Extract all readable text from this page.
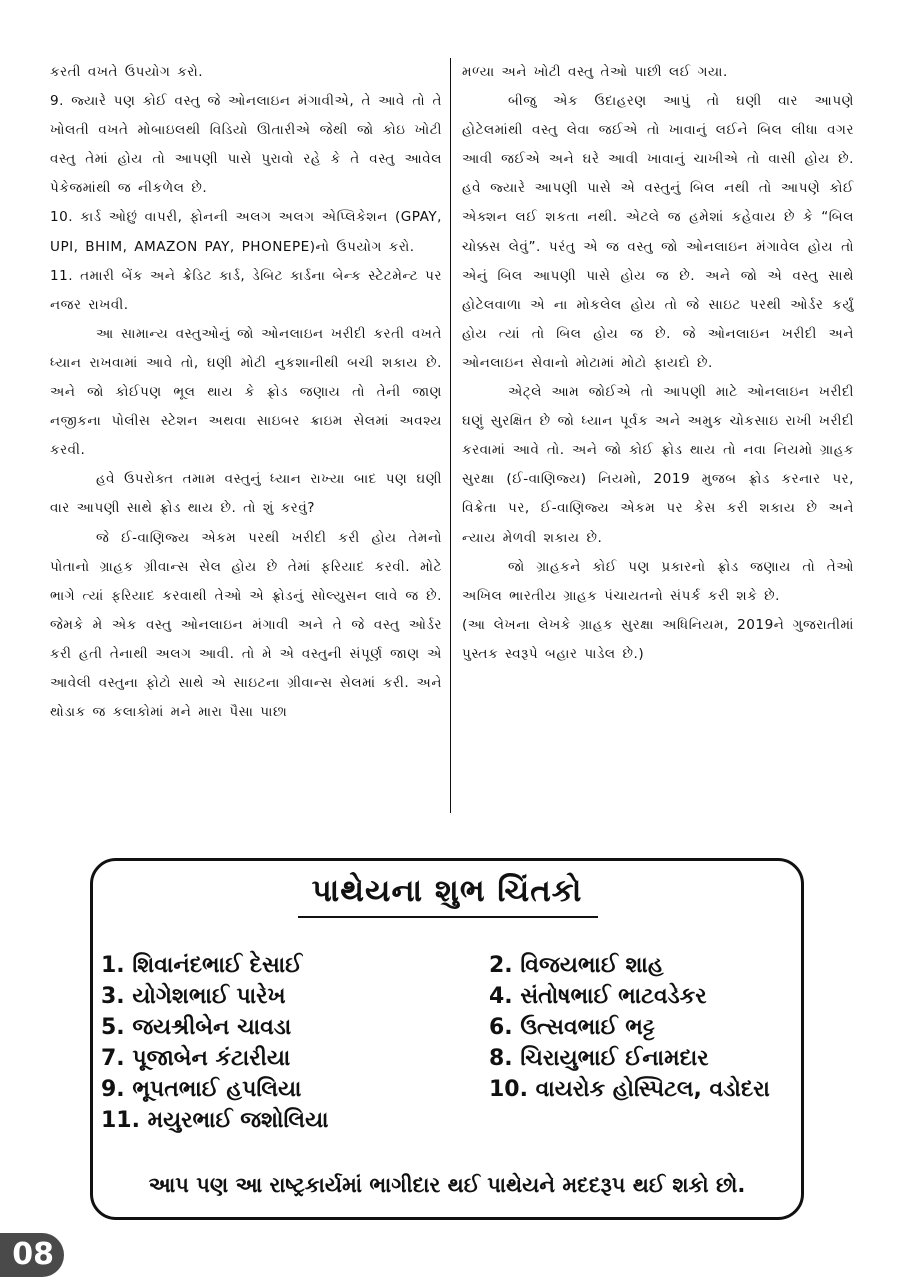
કરતી વખતે ઉપયોગ કરો.

9. જ્યારે પણ કોઈ વસ્તુ જે ઓનલાઇન મંગાવીએ, તે આવે તો તે ખોલતી વખતે મોબાઇલથી વિડિયો ઊતારીએ જેથી જો કોઇ ખોટી વસ્તુ તેમાં હોય તો આપણી પાસે પુરાવો રહે કે તે વસ્તુ આવેલ પેકેજમાંથી જ નીકળેલ છે.

10. કાર્ડ ઓછું વાપરી, ફોનની અલગ અલગ એપ્લિકેશન (GPAY, UPI, BHIM, AMAZON PAY, PHONEPE)નો ઉપયોગ કરો.

11. તમારી બેંક અને ક્રેડિટ કાર્ડ, ડેબિટ કાર્ડના બેન્ક સ્ટેટમેન્ટ પર નજર રાખવી.

આ સામાન્ય વસ્તુઓનું જો ઓનલાઇન ખરીદી કરતી વખતે ધ્યાન રાખવામાં આવે તો, ઘણી મોટી નુકશાનીથી બચી શકાય છે. અને જો કોઈપણ ભૂલ થાય કે ફ્રોડ જણાય તો તેની જાણ નજીકના પોલીસ સ્ટેશન અથવા સાઇબર ક્રાઇમ સેલમાં અવશ્ય કરવી.

હવે ઉપરોક્ત તમામ વસ્તુનું ધ્યાન રાખ્યા બાદ પણ ઘણી વાર આપણી સાથે ફ્રોડ થાય છે. તો શું કરવું?

જે ઈ-વાણિજ્ય એકમ પરથી ખરીદી કરી હોય તેમનો પોતાનો ગ્રાહક ગ્રીવાન્સ સેલ હોય છે તેમાં ફરિયાદ કરવી. મોટે ભાગે ત્યાં ફરિયાદ કરવાથી તેઓ એ ફ્રોડનું સોલ્યુસન લાવે જ છે. જેમકે મે એક વસ્તુ ઓનલાઇન મંગાવી અને તે જે વસ્તુ ઓર્ડર કરી હતી તેનાથી અલગ આવી. તો મે એ વસ્તુની સંપૂર્ણ જાણ એ આવેલી વસ્તુના ફોટો સાથે એ સાઇટના ગ્રીવાન્સ સેલમાં કરી. અને થોડાક જ કલાકોમાં મને મારા પૈસા પાછા

મળ્યા અને ખોટી વસ્તુ તેઓ પાછી લઈ ગયા.

બીજુ એક ઉદાહરણ આપું તો ઘણી વાર આપણે હોટેલમાંથી વસ્તુ લેવા જઈએ તો ખાવાનું લઈને બિલ લીધા વગર આવી જઈએ અને ઘરે આવી ખાવાનું ચાખીએ તો વાસી હોય છે. હવે જ્યારે આપણી પાસે એ વસ્તુનું બિલ નથી તો આપણે કોઈ એક્શન લઈ શકતા નથી. એટલે જ હમેશાં કહેવાય છે કે “બિલ ચોક્કસ લેવું”. પરંતુ એ જ વસ્તુ જો ઓનલાઇન મંગાવેલ હોય તો એનું બિલ આપણી પાસે હોય જ છે. અને જો એ વસ્તુ સાથે હોટેલવાળા એ ના મોકલેલ હોય તો જે સાઇટ પરથી ઓર્ડર કર્યું હોય ત્યાં તો બિલ હોય જ છે. જે ઓનલાઇન ખરીદી અને ઓનલાઇન સેવાનો મોટામાં મોટો ફાયદો છે.

એટ્લે આમ જોઈએ તો આપણી માટે ઓનલાઇન ખરીદી ઘણું સુરક્ષિત છે જો ધ્યાન પૂર્વક અને અમુક ચોકસાઇ રાખી ખરીદી કરવામાં આવે તો. અને જો કોઈ ફ્રોડ થાય તો નવા નિયમો ગ્રાહક સુરક્ષા (ઈ-વાણિજ્ય) નિયમો, 2019 મુજબ ફ્રોડ કરનાર પર, વિક્રેતા પર, ઈ-વાણિજ્ય એકમ પર કેસ કરી શકાય છે અને ન્યાય મેળવી શકાય છે.

જો ગ્રાહકને કોઈ પણ પ્રકારનો ફ્રોડ જણાય તો તેઓ અખિલ ભારતીય ગ્રાહક પંચાયતનો સંપર્ક કરી શકે છે.

(આ લેખના લેખકે ગ્રાહક સુરક્ષા અધિનિયમ, 2019ને ગુજરાતીમાં પુસ્તક સ્વરૂપે બહાર પાડેલ છે.)

પાથેયના શુભ ચિંતકો
1. શિવાનંદભાઈ દેસાઈ	2. વિજયભાઈ શાહ
3. યોગેશભાઈ પારેખ	4. સંતોષભાઈ ભાટવડેકર
5. જયશ્રીબેન ચાવડા	6. ઉત્સવભાઈ ભટ્ટ
7. પૂજાબેન કંટારીયા	8. ચિરાયુભાઈ ઈનામદાર
9. ભૂપતભાઈ હપલિયા	10. વાયરોક હોસ્પિટલ, વડોદરા
11. મયુરભાઈ જશોલિયા
આપ પણ આ રાષ્ટ્રકાર્યમાં ભાગીદાર થઈ પાથેયને મદદરૂપ થઈ શકો છો.
08
